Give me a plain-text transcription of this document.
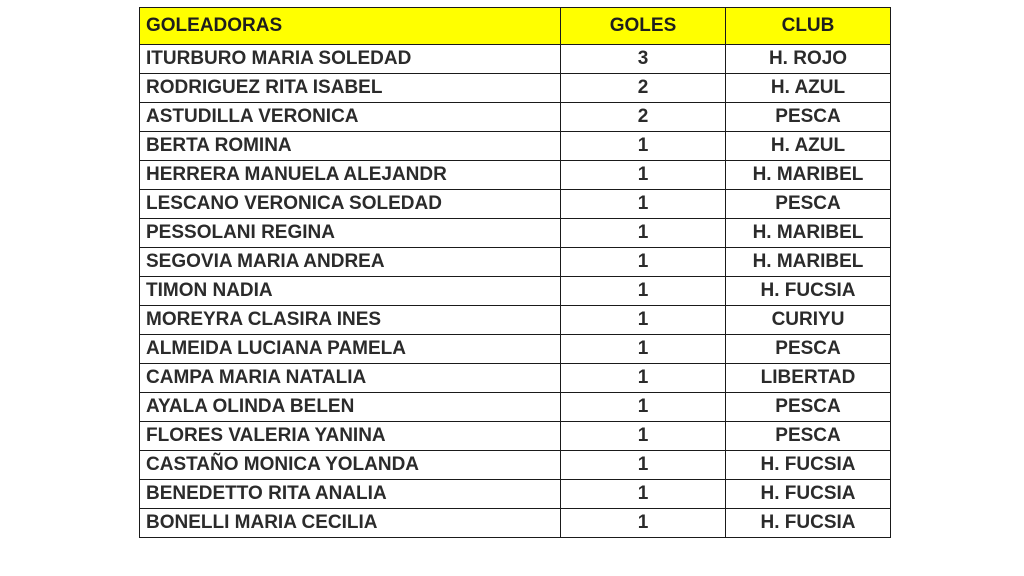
GOLEADORAS	GOLES	CLUB
ITURBURO MARIA SOLEDAD	3	H. ROJO
RODRIGUEZ RITA ISABEL	2	H. AZUL
ASTUDILLA VERONICA	2	PESCA
BERTA ROMINA	1	H. AZUL
HERRERA MANUELA ALEJANDR	1	H. MARIBEL
LESCANO VERONICA SOLEDAD	1	PESCA
PESSOLANI REGINA	1	H. MARIBEL
SEGOVIA MARIA ANDREA	1	H. MARIBEL
TIMON NADIA	1	H. FUCSIA
MOREYRA CLASIRA INES	1	CURIYU
ALMEIDA LUCIANA PAMELA	1	PESCA
CAMPA MARIA NATALIA	1	LIBERTAD
AYALA OLINDA BELEN	1	PESCA
FLORES VALERIA YANINA	1	PESCA
CASTAÑO MONICA YOLANDA	1	H. FUCSIA
BENEDETTO RITA ANALIA	1	H. FUCSIA
BONELLI MARIA CECILIA	1	H. FUCSIA
